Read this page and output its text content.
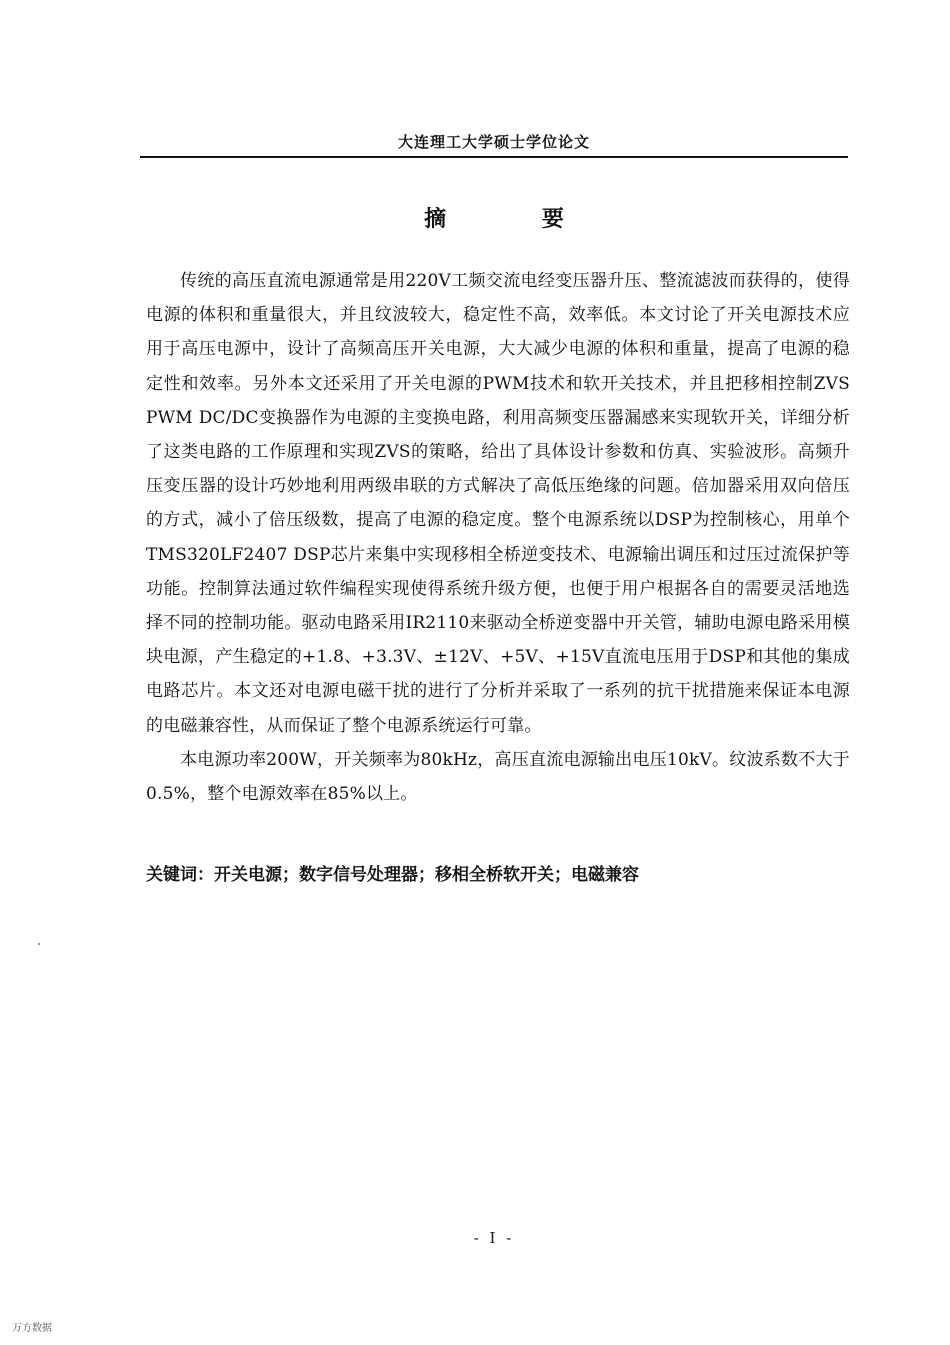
大连理工大学硕士学位论文
摘 要

传统的高压直流电源通常是用220V工频交流电经变压器升压、整流滤波而获得的，使得电源的体积和重量很大，并且纹波较大，稳定性不高，效率低。本文讨论了开关电源技术应用于高压电源中，设计了高频高压开关电源，大大减少电源的体积和重量，提高了电源的稳定性和效率。另外本文还采用了开关电源的PWM技术和软开关技术，并且把移相控制ZVS PWM DC/DC变换器作为电源的主变换电路，利用高频变压器漏感来实现软开关，详细分析了这类电路的工作原理和实现ZVS的策略，给出了具体设计参数和仿真、实验波形。高频升压变压器的设计巧妙地利用两级串联的方式解决了高低压绝缘的问题。倍加器采用双向倍压的方式，减小了倍压级数，提高了电源的稳定度。整个电源系统以DSP为控制核心，用单个TMS320LF2407 DSP芯片来集中实现移相全桥逆变技术、电源输出调压和过压过流保护等功能。控制算法通过软件编程实现使得系统升级方便，也便于用户根据各自的需要灵活地选择不同的控制功能。驱动电路采用IR2110来驱动全桥逆变器中开关管，辅助电源电路采用模块电源，产生稳定的+1.8、+3.3V、±12V、+5V、+15V直流电压用于DSP和其他的集成电路芯片。本文还对电源电磁干扰的进行了分析并采取了一系列的抗干扰措施来保证本电源的电磁兼容性，从而保证了整个电源系统运行可靠。

本电源功率200W，开关频率为80kHz，高压直流电源输出电压10kV。纹波系数不大于0.5%，整个电源效率在85%以上。

关键词：开关电源；数字信号处理器；移相全桥软开关；电磁兼容
- I -
万方数据
